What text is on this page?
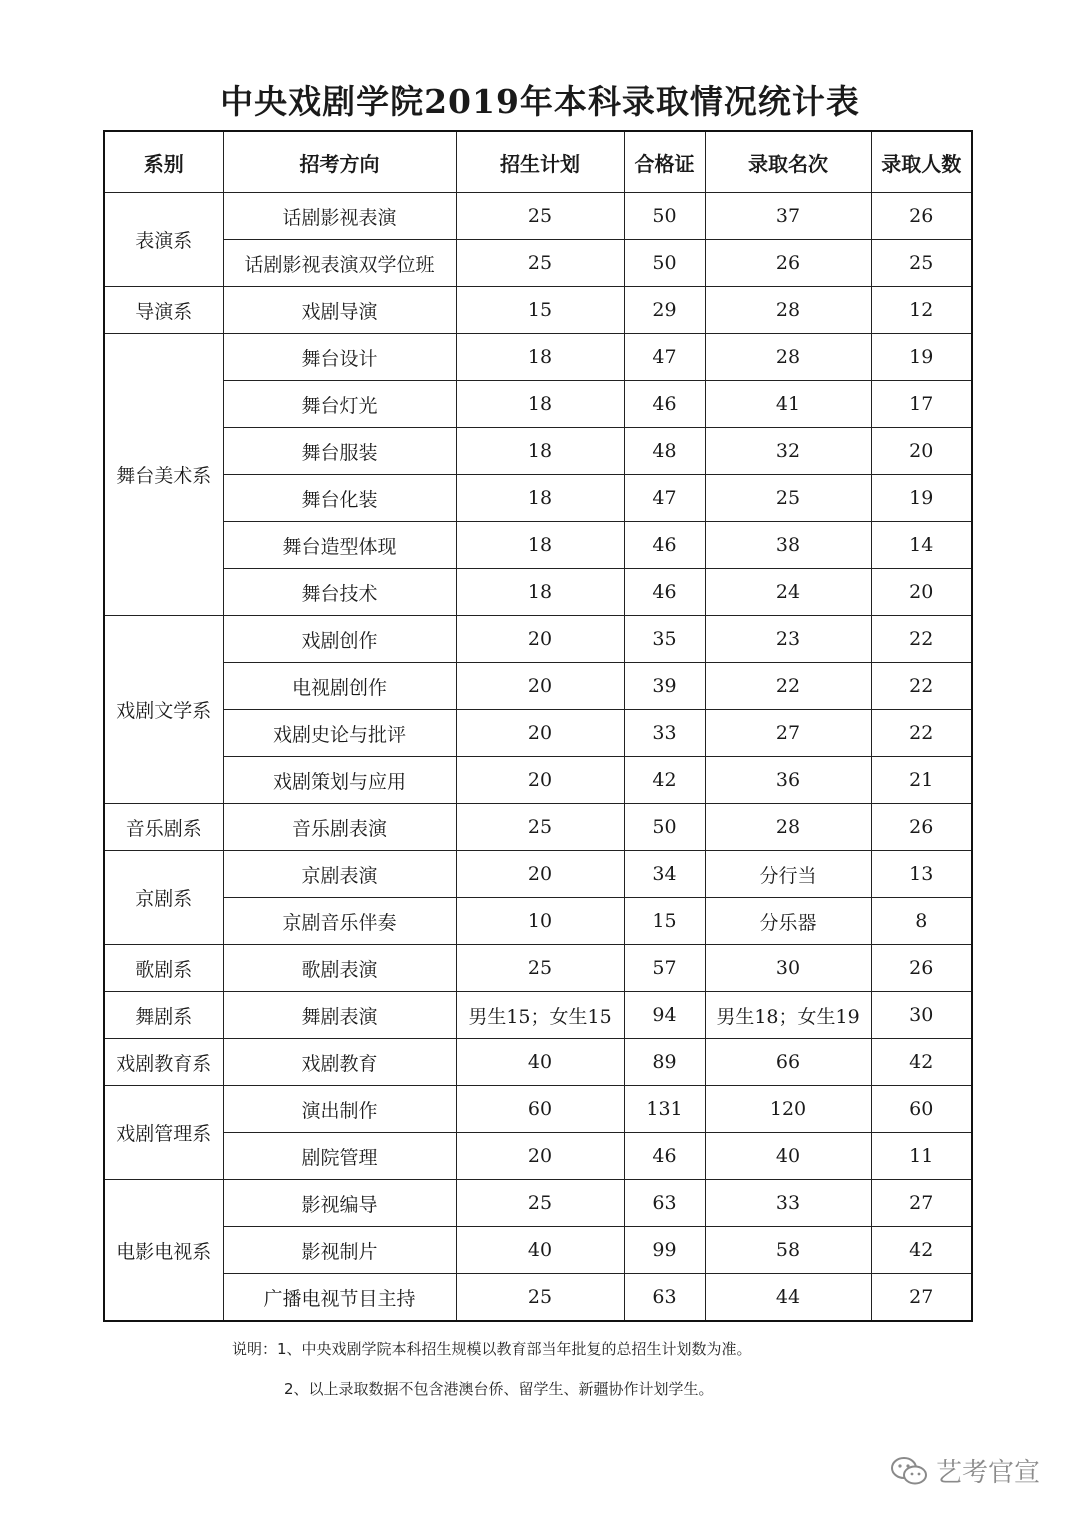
中央戏剧学院2019年本科录取情况统计表
系别	招考方向	招生计划	合格证	录取名次	录取人数
表演系	话剧影视表演	25	50	37	26
	话剧影视表演双学位班	25	50	26	25
导演系	戏剧导演	15	29	28	12
舞台美术系	舞台设计	18	47	28	19
	舞台灯光	18	46	41	17
	舞台服装	18	48	32	20
	舞台化装	18	47	25	19
	舞台造型体现	18	46	38	14
	舞台技术	18	46	24	20
戏剧文学系	戏剧创作	20	35	23	22
	电视剧创作	20	39	22	22
	戏剧史论与批评	20	33	27	22
	戏剧策划与应用	20	42	36	21
音乐剧系	音乐剧表演	25	50	28	26
京剧系	京剧表演	20	34	分行当	13
	京剧音乐伴奏	10	15	分乐器	8
歌剧系	歌剧表演	25	57	30	26
舞剧系	舞剧表演	男生15；女生15	94	男生18；女生19	30
戏剧教育系	戏剧教育	40	89	66	42
戏剧管理系	演出制作	60	131	120	60
	剧院管理	20	46	40	11
电影电视系	影视编导	25	63	33	27
	影视制片	40	99	58	42
	广播电视节目主持	25	63	44	27
说明：1、中央戏剧学院本科招生规模以教育部当年批复的总招生计划数为准。
2、以上录取数据不包含港澳台侨、留学生、新疆协作计划学生。
艺考官宣
